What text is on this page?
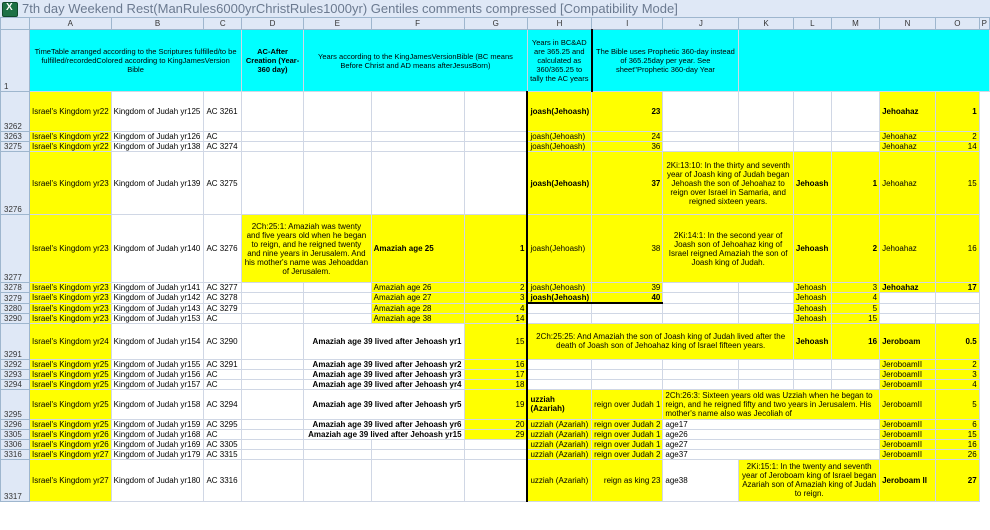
X
7th day Weekend Rest(ManRules6000yrChristRules1000yr) Gentiles comments compressed [Compatibility Mode]
	A	B	C	D	E	F	G	H	I	J	K	L	M	N	O	P
1	TimeTable arranged according to the Scriptures fulfilled/to be fulfilled/recordedColored according to KingJamesVersion Bible			AC-After Creation (Year-360 day)	Years according to the KingJamesVersionBible (BC means Before Christ and AD means afterJesusBorn)			Years in BC&AD are 365.25 and calculated as 360/365.25 to tally the AC years	The Bible uses Prophetic 360-day instead of 365.25day per year. See sheet"Prophetic 360-day Year							
3262	Israel's Kingdom yr22	Kingdom of Judah yr125	AC 3261					joash(Jehoash)	23					Jehoahaz	1	
3263	Israel's Kingdom yr22	Kingdom of Judah yr126	AC					joash(Jehoash)	24					Jehoahaz	2	
3275	Israel's Kingdom yr22	Kingdom of Judah yr138	AC 3274					joash(Jehoash)	36					Jehoahaz	14	
3276	Israel's Kingdom yr23	Kingdom of Judah yr139	AC 3275					joash(Jehoash)	37	2Ki:13:10: In the thirty and seventh year of Joash king of Judah began Jehoash the son of Jehoahaz to reign over Israel in Samaria, and reigned sixteen years.		Jehoash	1	Jehoahaz	15	
3277	Israel's Kingdom yr23	Kingdom of Judah yr140	AC 3276	2Ch:25:1: Amaziah was twenty and five years old when he began to reign, and he reigned twenty and nine years in Jerusalem. And his mother's name was Jehoaddan of Jerusalem.		Amaziah age 25	1	joash(Jehoash)	38	2Ki:14:1: In the second year of Joash son of Jehoahaz king of Israel reigned Amaziah the son of Joash king of Judah.		Jehoash	2	Jehoahaz	16	
3278	Israel's Kingdom yr23	Kingdom of Judah yr141	AC 3277			Amaziah age 26	2	joash(Jehoash)	39			Jehoash	3	Jehoahaz	17	
3279	Israel's Kingdom yr23	Kingdom of Judah yr142	AC 3278			Amaziah age 27	3	joash(Jehoash)	40			Jehoash	4			
3280	Israel's Kingdom yr23	Kingdom of Judah yr143	AC 3279			Amaziah age 28	4					Jehoash	5			
3290	Israel's Kingdom yr23	Kingdom of Judah yr153	AC			Amaziah age 38	14					Jehoash	15			
3291	Israel's Kingdom yr24	Kingdom of Judah yr154	AC 3290		Amaziah age 39 lived after Jehoash yr1		15	2Ch:25:25: And Amaziah the son of Joash king of Judah lived after the death of Joash son of Jehoahaz king of Israel fifteen years.				Jehoash	16	Jeroboam	0.5	
3292	Israel's Kingdom yr25	Kingdom of Judah yr155	AC 3291		Amaziah age 39 lived after Jehoash yr2		16							JeroboamII	2	
3293	Israel's Kingdom yr25	Kingdom of Judah yr156	AC		Amaziah age 39 lived after Jehoash yr3		17							JeroboamII	3	
3294	Israel's Kingdom yr25	Kingdom of Judah yr157	AC		Amaziah age 39 lived after Jehoash yr4		18							JeroboamII	4	
3295	Israel's Kingdom yr25	Kingdom of Judah yr158	AC 3294		Amaziah age 39 lived after Jehoash yr5		19	uzziah (Azariah)	reign over Judah 1	2Ch:26:3: Sixteen years old was Uzziah when he began to reign, and he reigned fifty and two years in Jerusalem. His mother's name also was Jecoliah of				JeroboamII	5	
3296	Israel's Kingdom yr25	Kingdom of Judah yr159	AC 3295		Amaziah age 39 lived after Jehoash yr6		20	uzziah (Azariah)	reign over Judah 2	age17				JeroboamII	6	
3305	Israel's Kingdom yr26	Kingdom of Judah yr168	AC		Amaziah age 39 lived after Jehoash yr15		29	uzziah (Azariah)	reign over Judah 1	age26				JeroboamII	15	
3306	Israel's Kingdom yr26	Kingdom of Judah yr169	AC 3305					uzziah (Azariah)	reign over Judah 1	age27				JeroboamII	16	
3316	Israel's Kingdom yr27	Kingdom of Judah yr179	AC 3315					uzziah (Azariah)	reign over Judah 2	age37				JeroboamII	26	
3317	Israel's Kingdom yr27	Kingdom of Judah yr180	AC 3316					uzziah (Azariah)	reign as king 23	age38	2Ki:15:1: In the twenty and seventh year of Jeroboam king of Israel began Azariah son of Amaziah king of Judah to reign.			Jeroboam II	27	
